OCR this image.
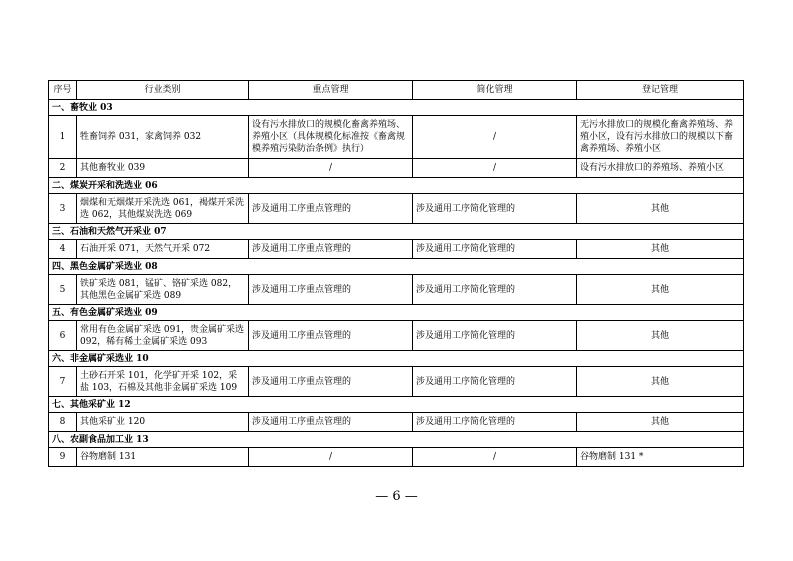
序号	行业类别	重点管理	简化管理	登记管理
一、畜牧业 03				
1	牲畜饲养 031，家禽饲养 032	设有污水排放口的规模化畜禽养殖场、养殖小区（具体规模化标准按《畜禽规模养殖污染防治条例》执行）	/	无污水排放口的规模化畜禽养殖场、养殖小区，设有污水排放口的规模以下畜禽养殖场、养殖小区
2	其他畜牧业 039	/	/	设有污水排放口的养殖场、养殖小区
二、煤炭开采和洗选业 06				
3	烟煤和无烟煤开采洗选 061，褐煤开采洗选 062，其他煤炭洗选 069	涉及通用工序重点管理的	涉及通用工序简化管理的	其他
三、石油和天然气开采业 07				
4	石油开采 071，天然气开采 072	涉及通用工序重点管理的	涉及通用工序简化管理的	其他
四、黑色金属矿采选业 08				
5	铁矿采选 081，锰矿、铬矿采选 082，其他黑色金属矿采选 089	涉及通用工序重点管理的	涉及通用工序简化管理的	其他
五、有色金属矿采选业 09				
6	常用有色金属矿采选 091，贵金属矿采选 092，稀有稀土金属矿采选 093	涉及通用工序重点管理的	涉及通用工序简化管理的	其他
六、非金属矿采选业 10				
7	土砂石开采 101，化学矿开采 102，采盐 103，石棉及其他非金属矿采选 109	涉及通用工序重点管理的	涉及通用工序简化管理的	其他
七、其他采矿业 12				
8	其他采矿业 120	涉及通用工序重点管理的	涉及通用工序简化管理的	其他
八、农副食品加工业 13				
9	谷物磨制 131	/	/	谷物磨制 131 *
— 6 —
